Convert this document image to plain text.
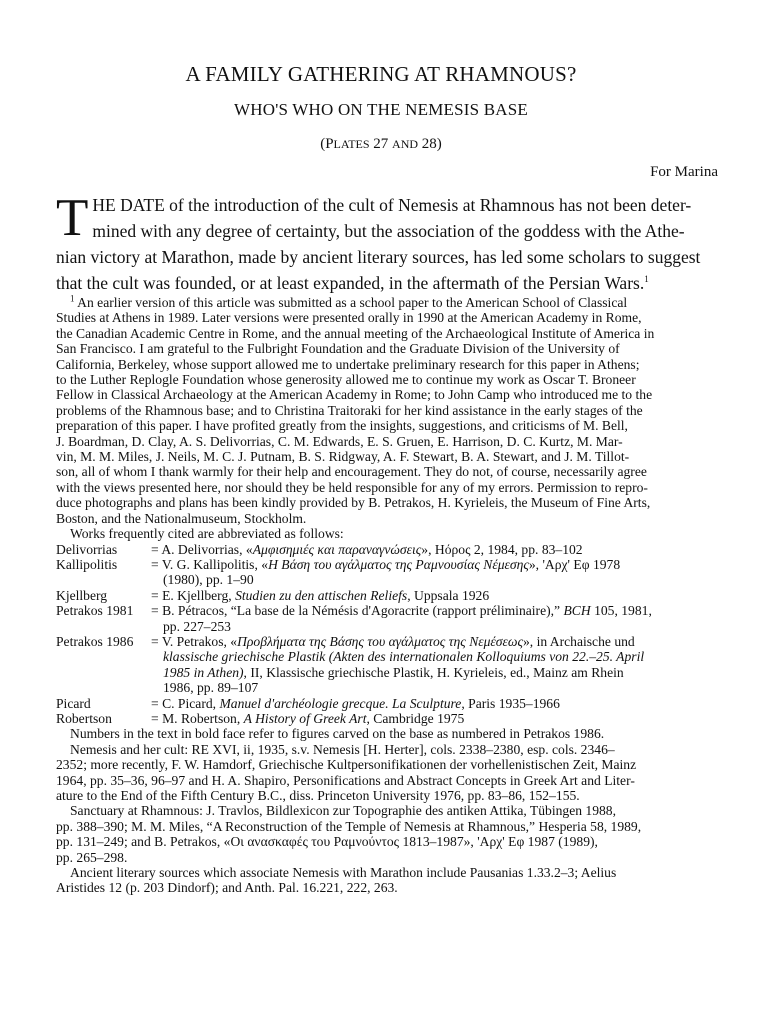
A FAMILY GATHERING AT RHAMNOUS?
WHO'S WHO ON THE NEMESIS BASE
(PLATES 27 AND 28)
For Marina
T HE DATE of the introduction of the cult of Nemesis at Rhamnous has not been deter-
mined with any degree of certainty, but the association of the goddess with the Athe-
nian victory at Marathon, made by ancient literary sources, has led some scholars to suggest
that the cult was founded, or at least expanded, in the aftermath of the Persian Wars.$^1$
$^1$ An earlier version of this article was submitted as a school paper to the American School of Classical
Studies at Athens in 1989. Later versions were presented orally in 1990 at the American Academy in Rome,
the Canadian Academic Centre in Rome, and the annual meeting of the Archaeological Institute of America in
San Francisco. I am grateful to the Fulbright Foundation and the Graduate Division of the University of
California, Berkeley, whose support allowed me to undertake preliminary research for this paper in Athens;
to the Luther Replogle Foundation whose generosity allowed me to continue my work as Oscar T. Broneer
Fellow in Classical Archaeology at the American Academy in Rome; to John Camp who introduced me to the
problems of the Rhamnous base; and to Christina Traitoraki for her kind assistance in the early stages of the
preparation of this paper. I have profited greatly from the insights, suggestions, and criticisms of M. Bell,
J. Boardman, D. Clay, A. S. Delivorrias, C. M. Edwards, E. S. Gruen, E. Harrison, D. C. Kurtz, M. Mar-
vin, M. M. Miles, J. Neils, M. C. J. Putnam, B. S. Ridgway, A. F. Stewart, B. A. Stewart, and J. M. Tillot-
son, all of whom I thank warmly for their help and encouragement. They do not, of course, necessarily agree
with the views presented here, nor should they be held responsible for any of my errors. Permission to repro-
duce photographs and plans has been kindly provided by B. Petrakos, H. Kyrieleis, the Museum of Fine Arts,
Boston, and the Nationalmuseum, Stockholm.
Works frequently cited are abbreviated as follows:
Delivorrias	= A. Delivorrias, «Αμφισημιές και παραναγνώσεις», Ηόρος 2, 1984, pp. 83–102
Kallipolitis	= V. G. Kallipolitis, «Η Βάση του αγάλματος της Ραμνουσίας Νέμεσης», 'Αρχ' Εφ 1978
(1980), pp. 1–90
Kjellberg	= E. Kjellberg, Studien zu den attischen Reliefs, Uppsala 1926
Petrakos 1981	= B. Pétracos, “La base de la Némésis d'Agoracrite (rapport préliminaire),” BCH 105, 1981,
pp. 227–253
Petrakos 1986	= V. Petrakos, «Προβλήματα της Βάσης του αγάλματος της Νεμέσεως», in Archaische und
klassische griechische Plastik (Akten des internationalen Kolloquiums von 22.–25. April
1985 in Athen), II, Klassische griechische Plastik, H. Kyrieleis, ed., Mainz am Rhein
1986, pp. 89–107
Picard	= C. Picard, Manuel d'archéologie grecque. La Sculpture, Paris 1935–1966
Robertson	= M. Robertson, A History of Greek Art, Cambridge 1975
Numbers in the text in bold face refer to figures carved on the base as numbered in Petrakos 1986.
Nemesis and her cult: RE XVI, ii, 1935, s.v. Nemesis [H. Herter], cols. 2338–2380, esp. cols. 2346–
2352; more recently, F. W. Hamdorf, Griechische Kultpersonifikationen der vorhellenistischen Zeit, Mainz
1964, pp. 35–36, 96–97 and H. A. Shapiro, Personifications and Abstract Concepts in Greek Art and Liter-
ature to the End of the Fifth Century B.C., diss. Princeton University 1976, pp. 83–86, 152–155.
Sanctuary at Rhamnous: J. Travlos, Bildlexicon zur Topographie des antiken Attika, Tübingen 1988,
pp. 388–390; M. M. Miles, “A Reconstruction of the Temple of Nemesis at Rhamnous,” Hesperia 58, 1989,
pp. 131–249; and B. Petrakos, «Οι ανασκαφές του Ραμνούντος 1813–1987», 'Αρχ' Εφ 1987 (1989),
pp. 265–298.
Ancient literary sources which associate Nemesis with Marathon include Pausanias 1.33.2–3; Aelius
Aristides 12 (p. 203 Dindorf); and Anth. Pal. 16.221, 222, 263.
